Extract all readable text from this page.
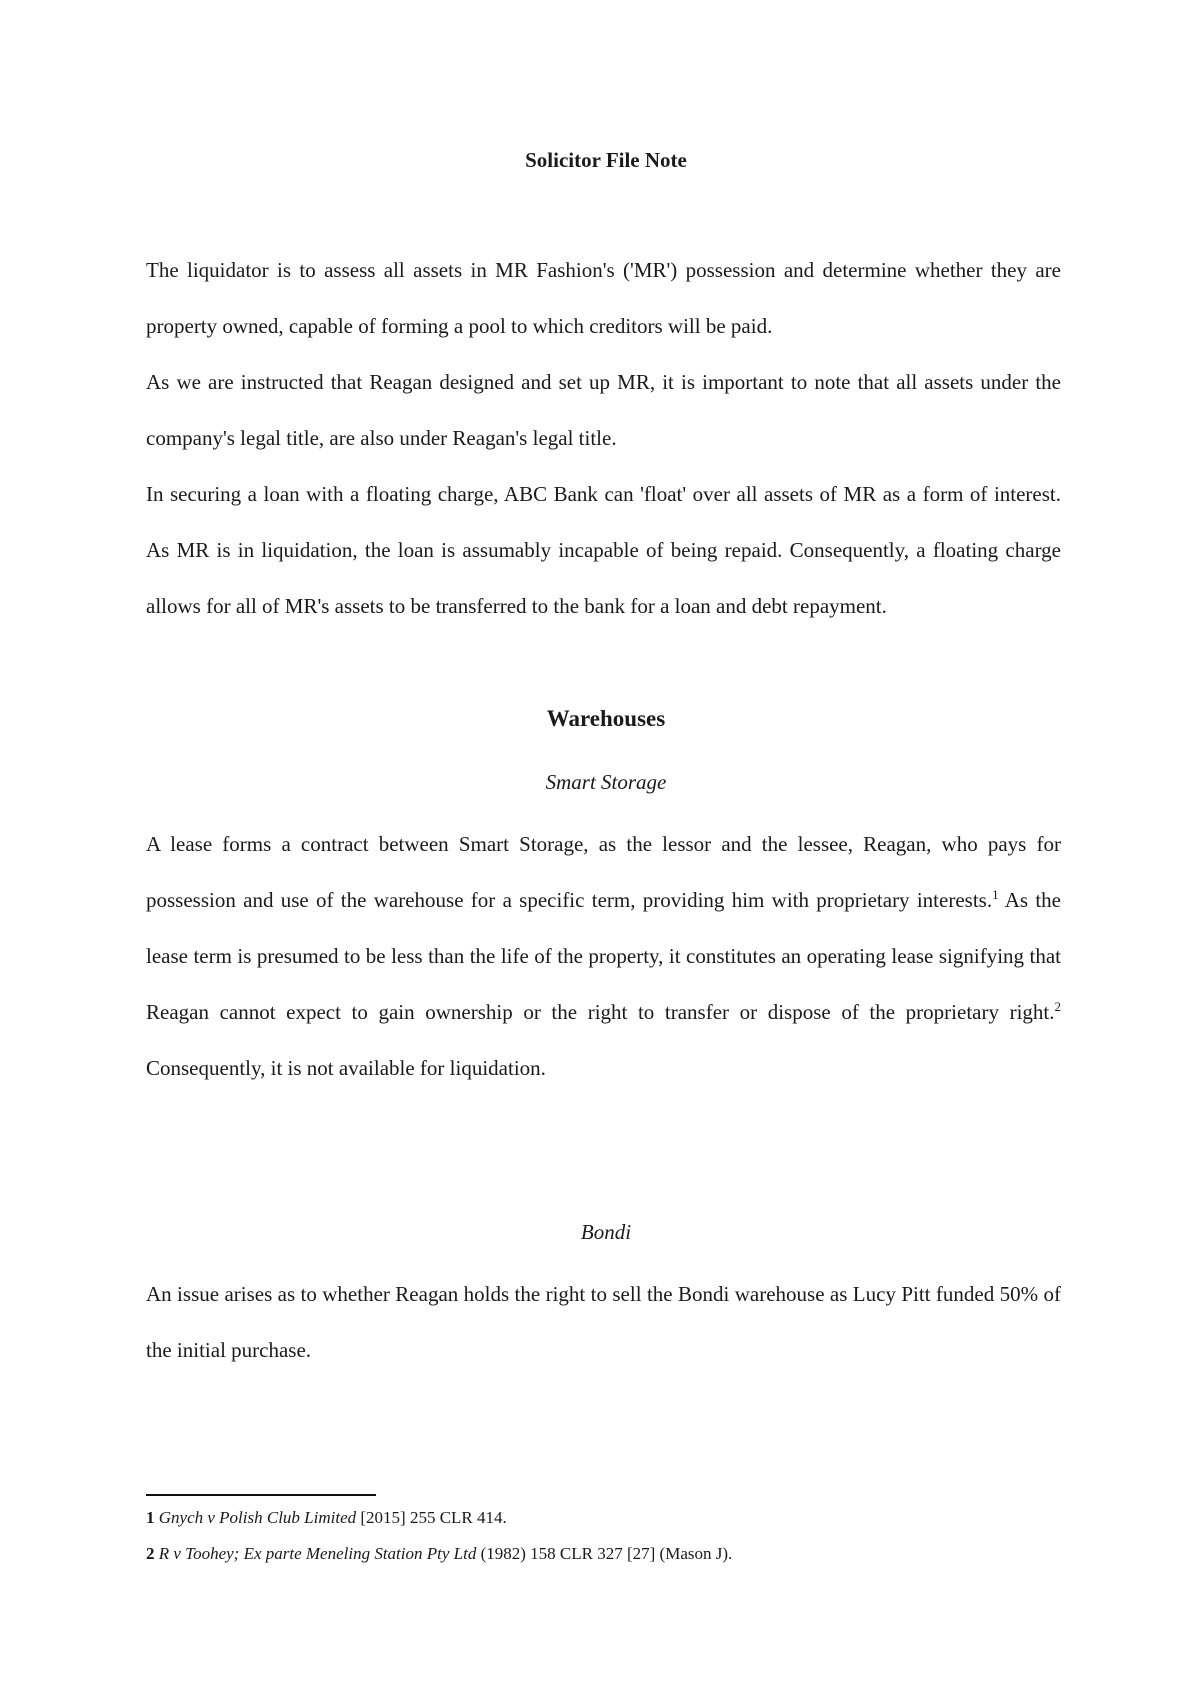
Solicitor File Note

The liquidator is to assess all assets in MR Fashion's ('MR') possession and determine whether they are property owned, capable of forming a pool to which creditors will be paid.

As we are instructed that Reagan designed and set up MR, it is important to note that all assets under the company's legal title, are also under Reagan's legal title.

In securing a loan with a floating charge, ABC Bank can 'float' over all assets of MR as a form of interest. As MR is in liquidation, the loan is assumably incapable of being repaid. Consequently, a floating charge allows for all of MR's assets to be transferred to the bank for a loan and debt repayment.

Warehouses
Smart Storage

A lease forms a contract between Smart Storage, as the lessor and the lessee, Reagan, who pays for possession and use of the warehouse for a specific term, providing him with proprietary interests.$^1$ As the lease term is presumed to be less than the life of the property, it constitutes an operating lease signifying that Reagan cannot expect to gain ownership or the right to transfer or dispose of the proprietary right.$^2$ Consequently, it is not available for liquidation.

Bondi

An issue arises as to whether Reagan holds the right to sell the Bondi warehouse as Lucy Pitt funded 50% of the initial purchase.

1 Gnych v Polish Club Limited [2015] 255 CLR 414.
2 R v Toohey; Ex parte Meneling Station Pty Ltd (1982) 158 CLR 327 [27] (Mason J).
